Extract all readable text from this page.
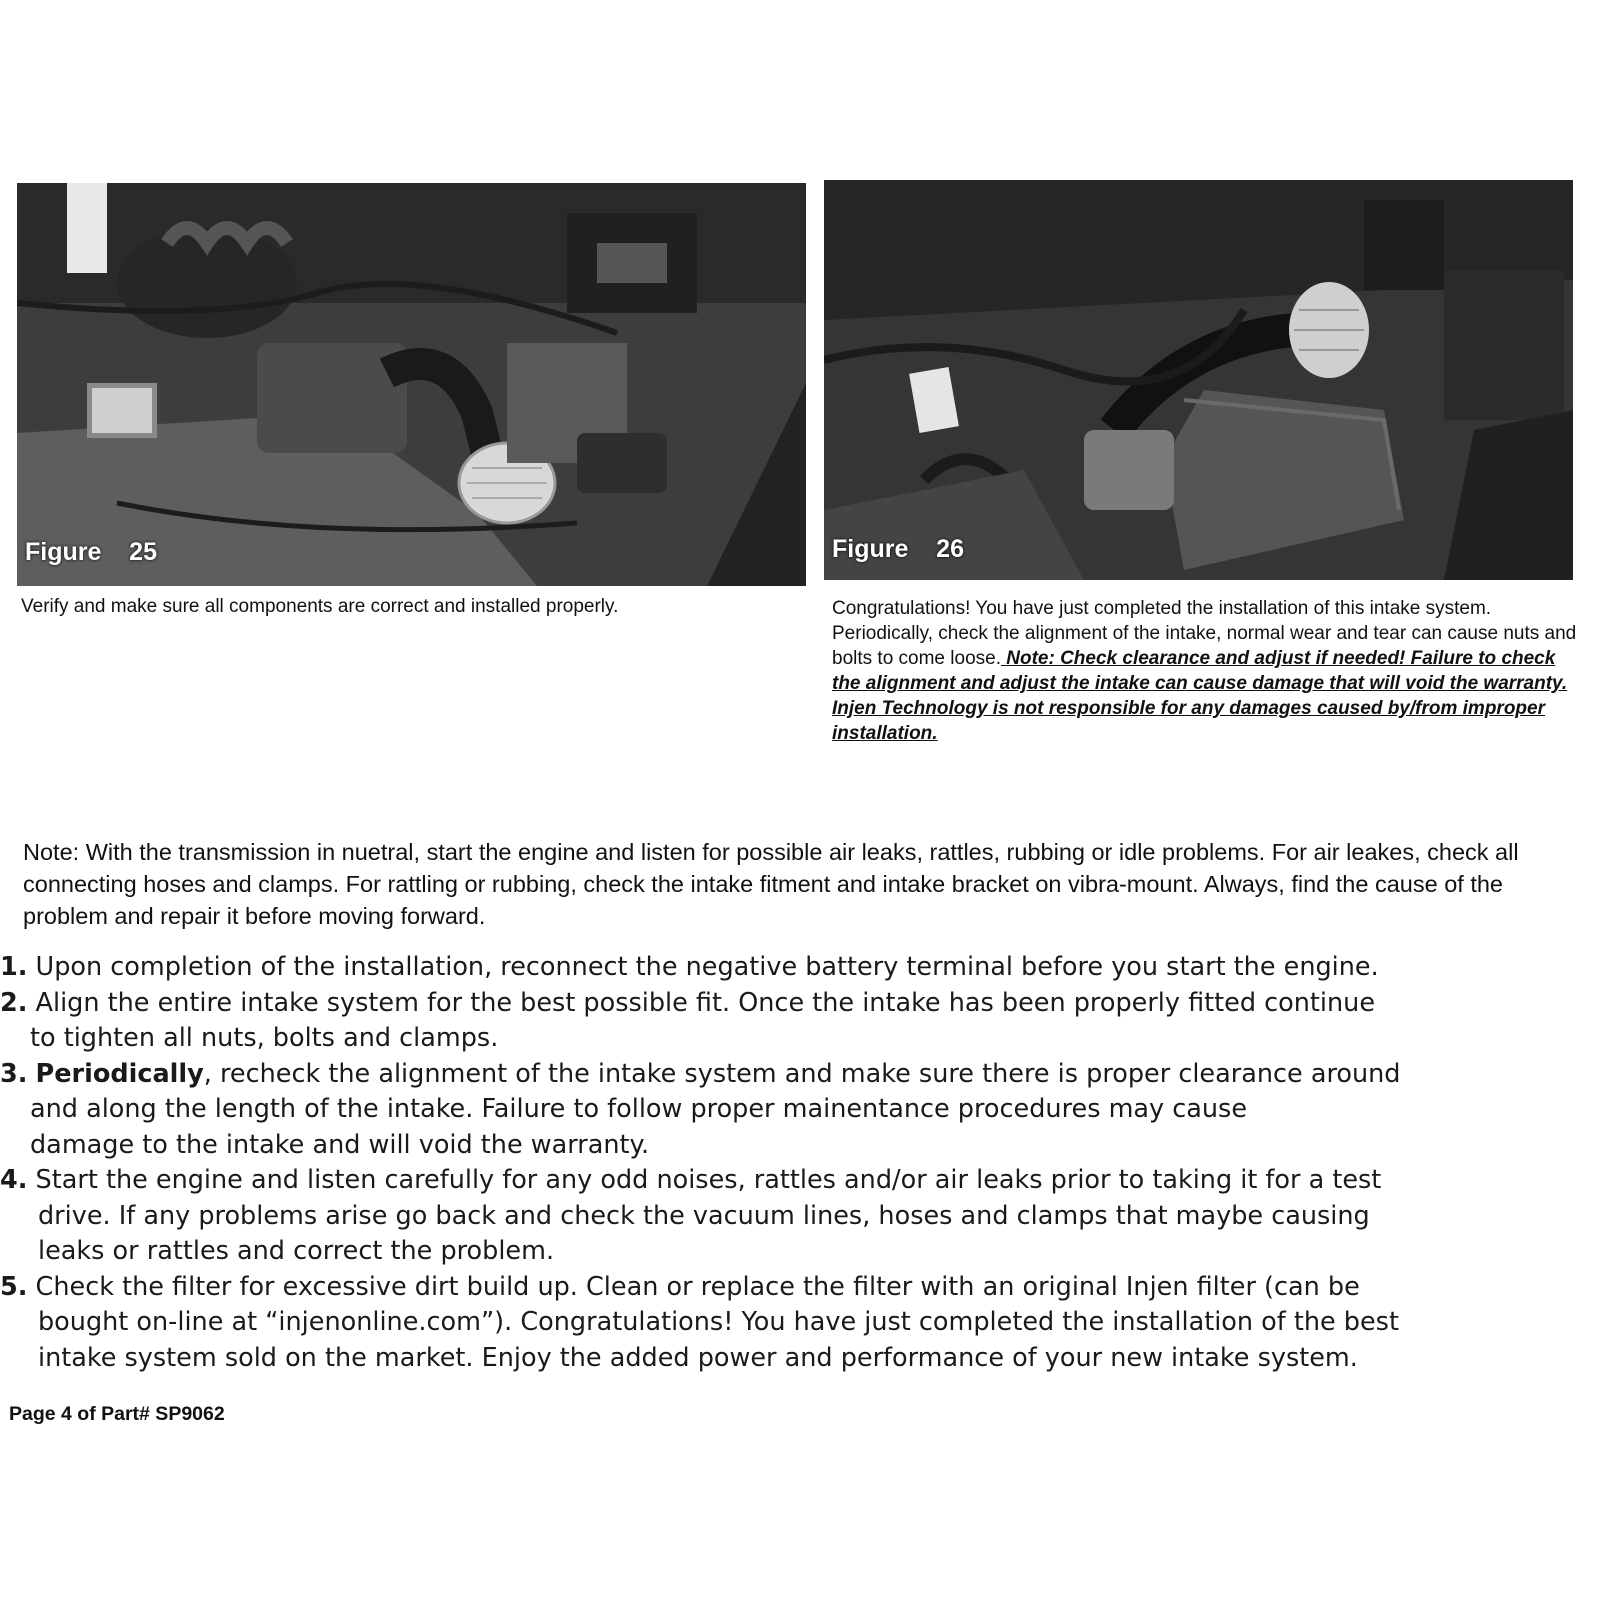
Figure    25	Figure    26
Verify and make sure all components are correct and installed properly.	Congratulations! You have just completed the installation of this intake system. Periodically, check the alignment of the intake, normal wear and tear can cause nuts and bolts to come loose. Note: Check clearance and adjust if needed! Failure to check the alignment and adjust the intake can cause damage that will void the warranty. Injen Technology is not responsible for any damages caused by/from improper installation.
Note: With the transmission in nuetral, start the engine and listen for possible air leaks, rattles, rubbing or idle problems. For air leakes, check all connecting hoses and clamps. For rattling or rubbing, check the intake fitment and intake bracket on vibra-mount. Always, find the cause of the problem and repair it before moving forward.
1. Upon completion of the installation, reconnect the negative battery terminal before you start the engine.
2. Align the entire intake system for the best possible fit. Once the intake has been properly fitted continue
to tighten all nuts, bolts and clamps.
3. Periodically, recheck the alignment of the intake system and make sure there is proper clearance around
and along the length of the intake. Failure to follow proper mainentance procedures may cause
damage to the intake and will void the warranty.
4. Start the engine and listen carefully for any odd noises, rattles and/or air leaks prior to taking it for a test
drive. If any problems arise go back and check the vacuum lines, hoses and clamps that maybe causing
leaks or rattles and correct the problem.
5. Check the filter for excessive dirt build up. Clean or replace the filter with an original Injen filter (can be
bought on-line at “injenonline.com”). Congratulations! You have just completed the installation of the best
intake system sold on the market. Enjoy the added power and performance of your new intake system.
Page 4 of Part# SP9062
